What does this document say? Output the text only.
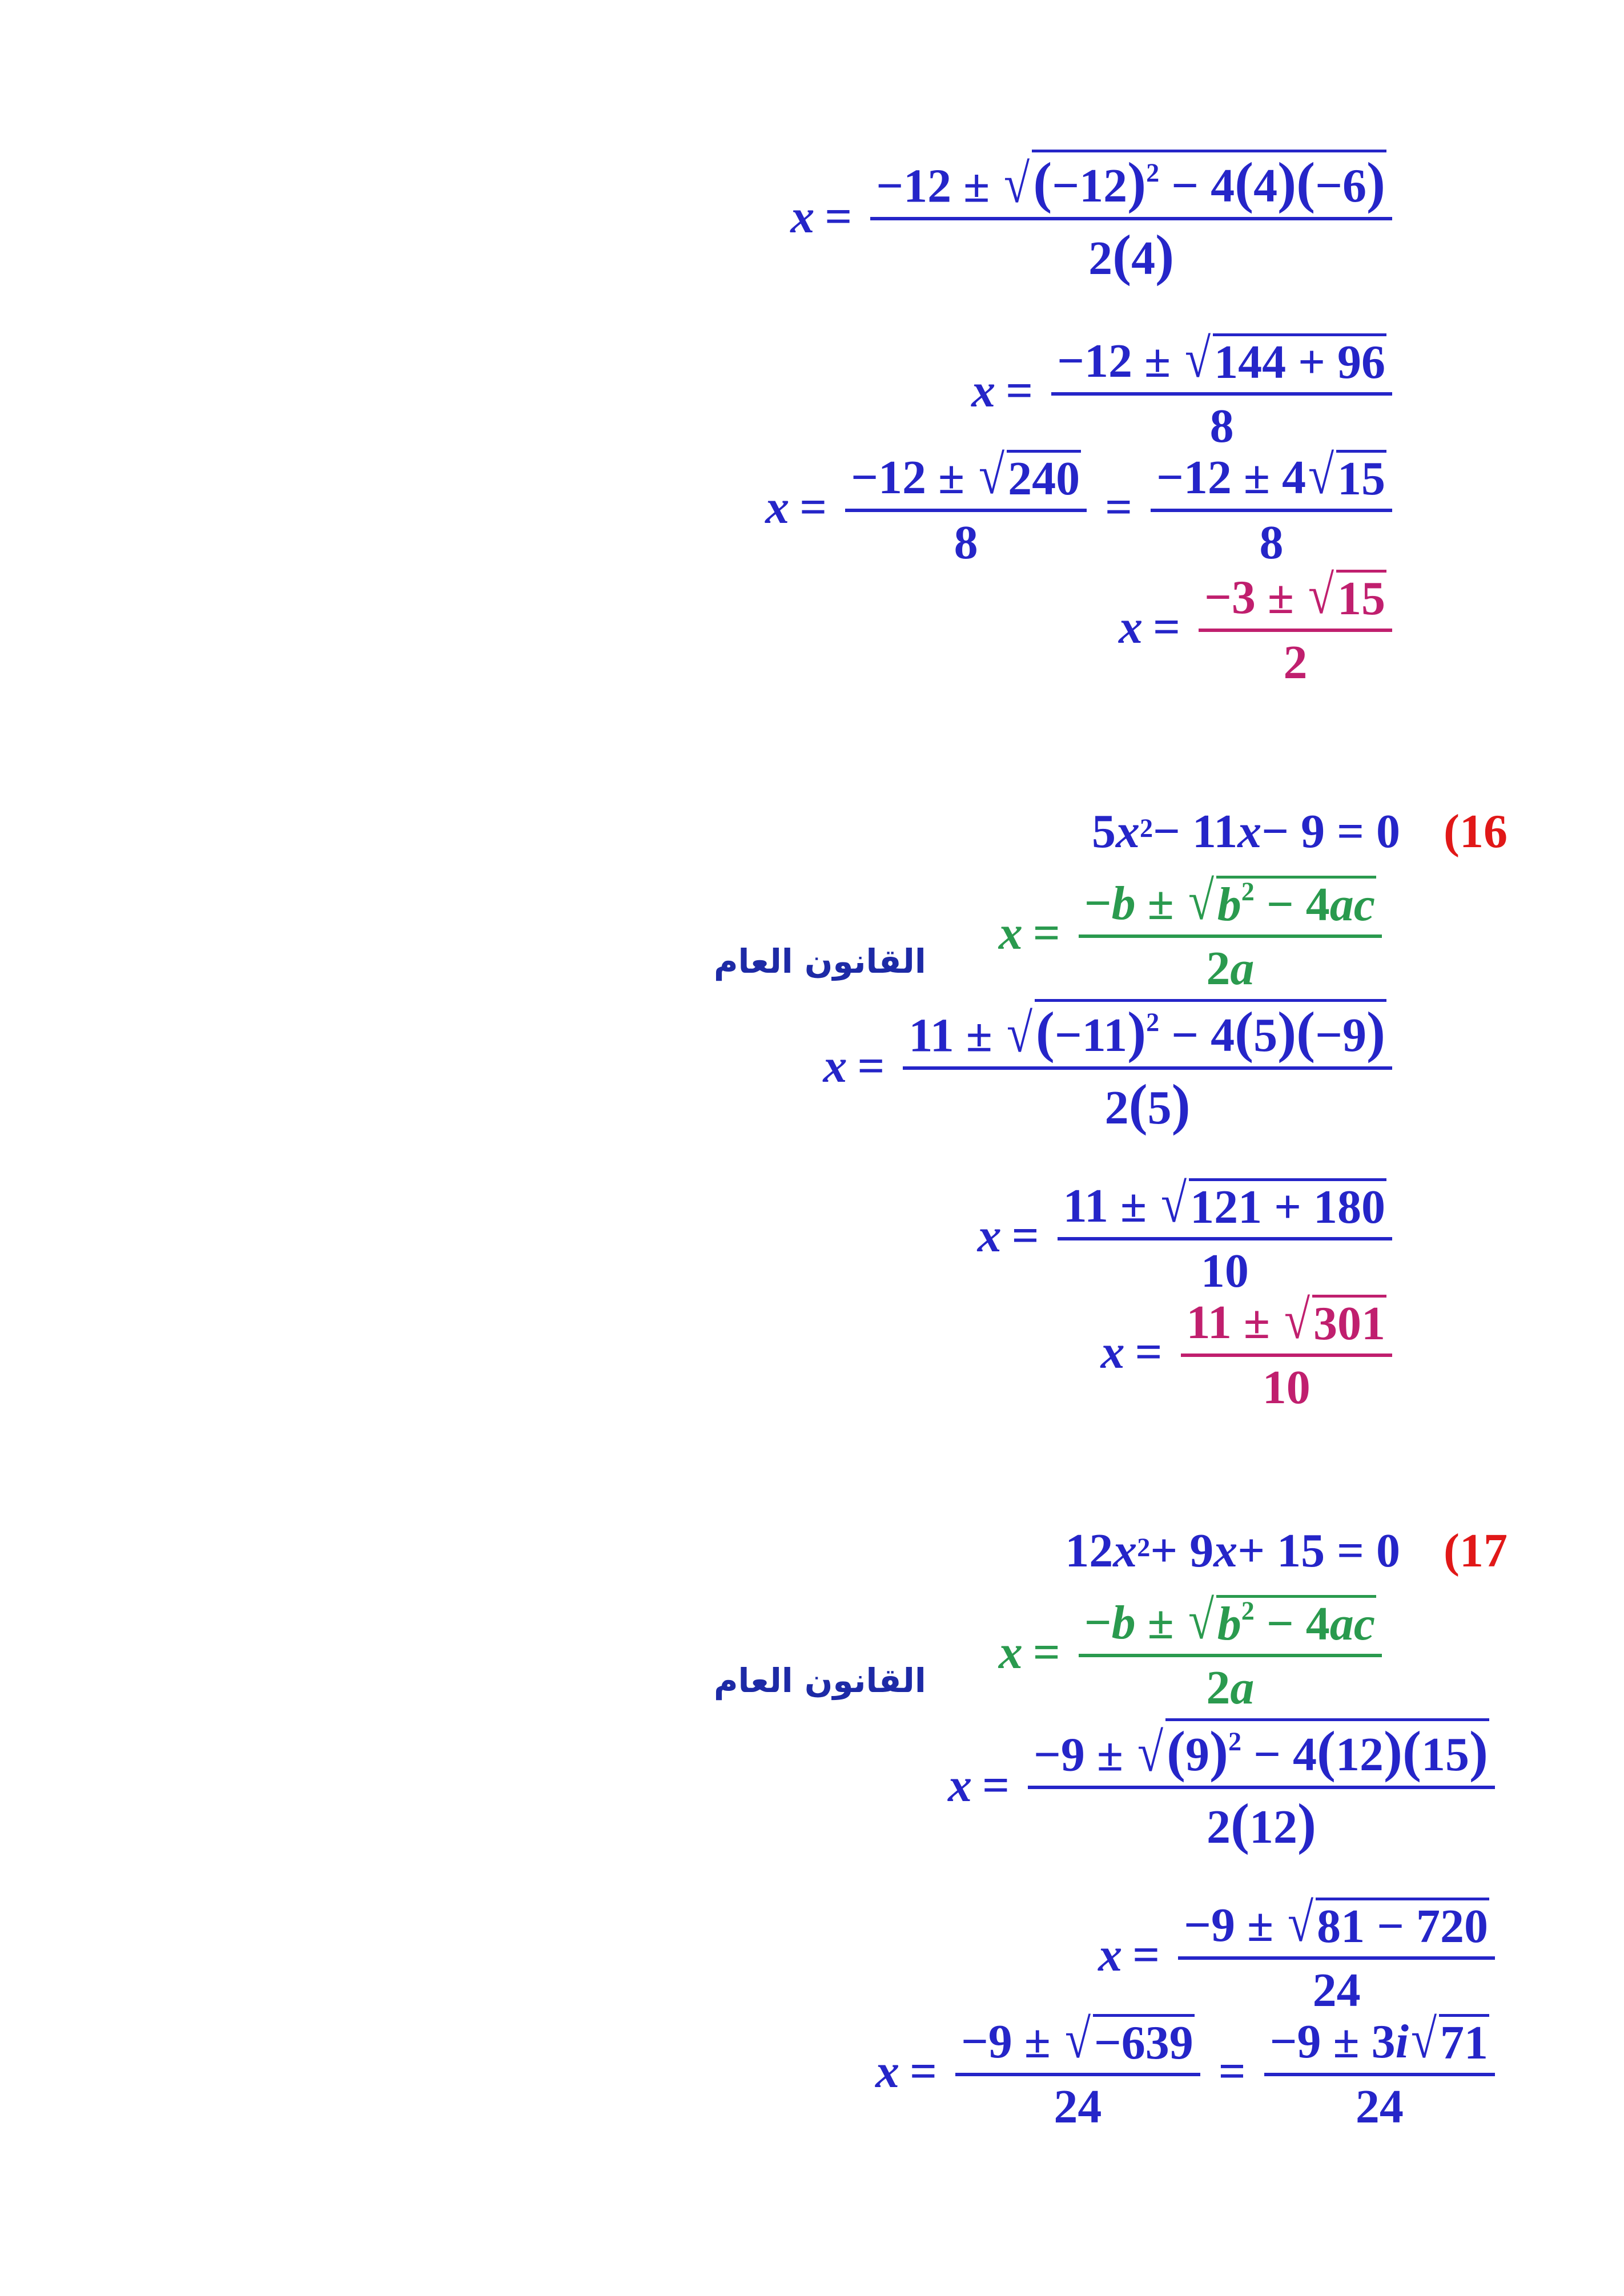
x =
−12 ± √ $(-12)^2 - 4(4)(-6)$
2(4)
x =
−12 ± √ 144 + 96
8
x =
−12 ± √ 240
8
=
−12 ± 4 √ 15
8
x =
−3 ± √ 15
2
(16
5 x 2 − 11 x − 9 = 0
x =
−b ± √ $b^2 - 4ac$
2a
القانون العام
x =
11 ± √ $(-11)^2 - 4(5)(-9)$
2(5)
x =
11 ± √ 121 + 180
10
x =
11 ± √ 301
10
(17
12 x 2 + 9 x + 15 = 0
x =
−b ± √ $b^2 - 4ac$
2a
القانون العام
x =
−9 ± √ $(9)^2 - 4(12)(15)$
2(12)
x =
−9 ± √ 81 − 720
24
x =
−9 ± √ −639
24
=
−9 ± 3i √ 71
24
